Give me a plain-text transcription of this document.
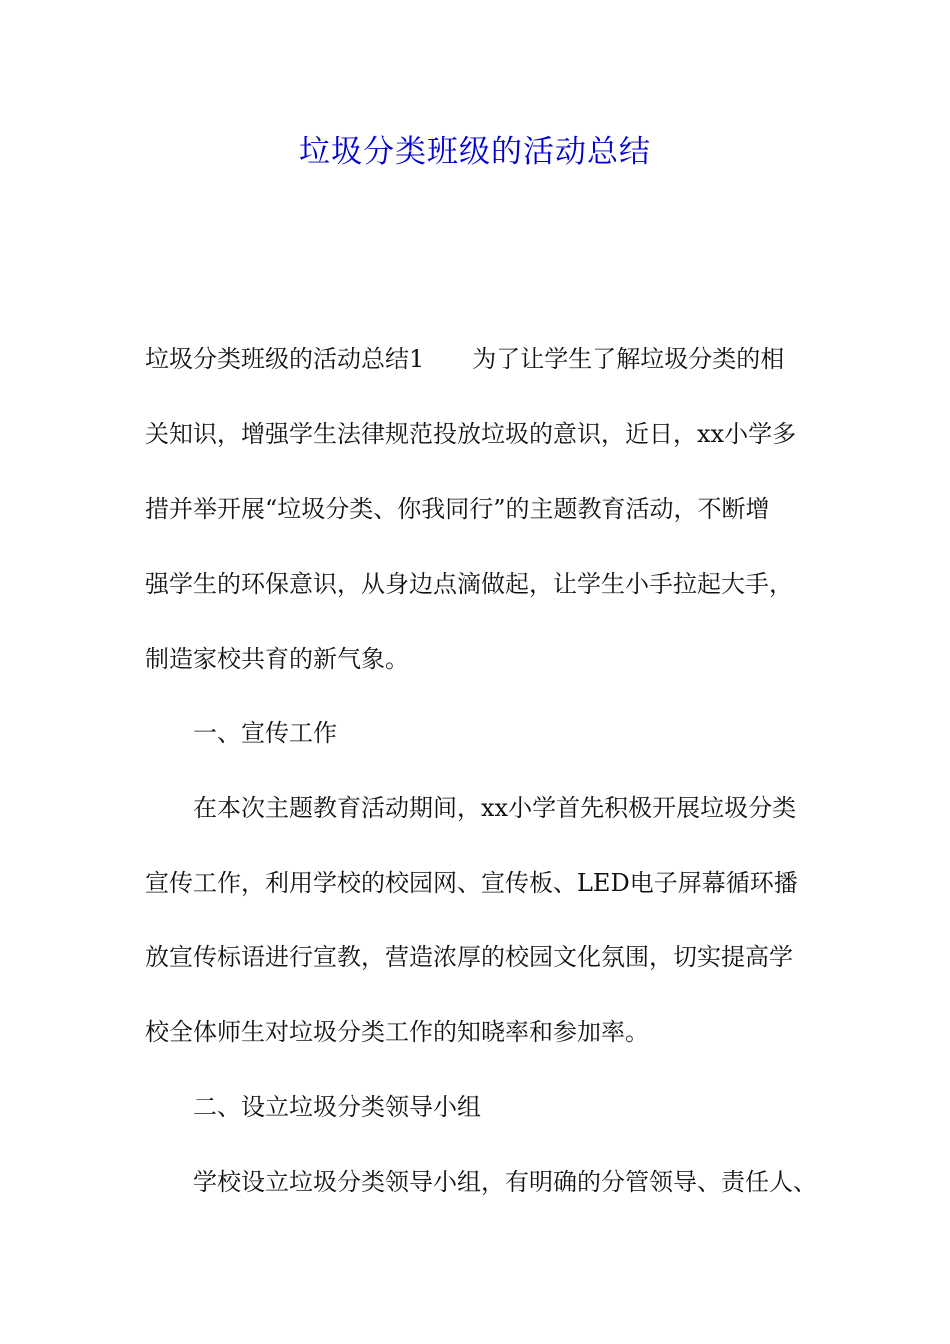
垃圾分类班级的活动总结
垃圾分类班级的活动总结1　　为了让学生了解垃圾分类的相
关知识，增强学生法律规范投放垃圾的意识，近日，xx小学多
措并举开展“垃圾分类、你我同行”的主题教育活动，不断增
强学生的环保意识，从身边点滴做起，让学生小手拉起大手，
制造家校共育的新气象。
一、宣传工作
在本次主题教育活动期间，xx小学首先积极开展垃圾分类
宣传工作，利用学校的校园网、宣传板、LED电子屏幕循环播
放宣传标语进行宣教，营造浓厚的校园文化氛围，切实提高学
校全体师生对垃圾分类工作的知晓率和参加率。
二、设立垃圾分类领导小组
学校设立垃圾分类领导小组，有明确的分管领导、责任人、
